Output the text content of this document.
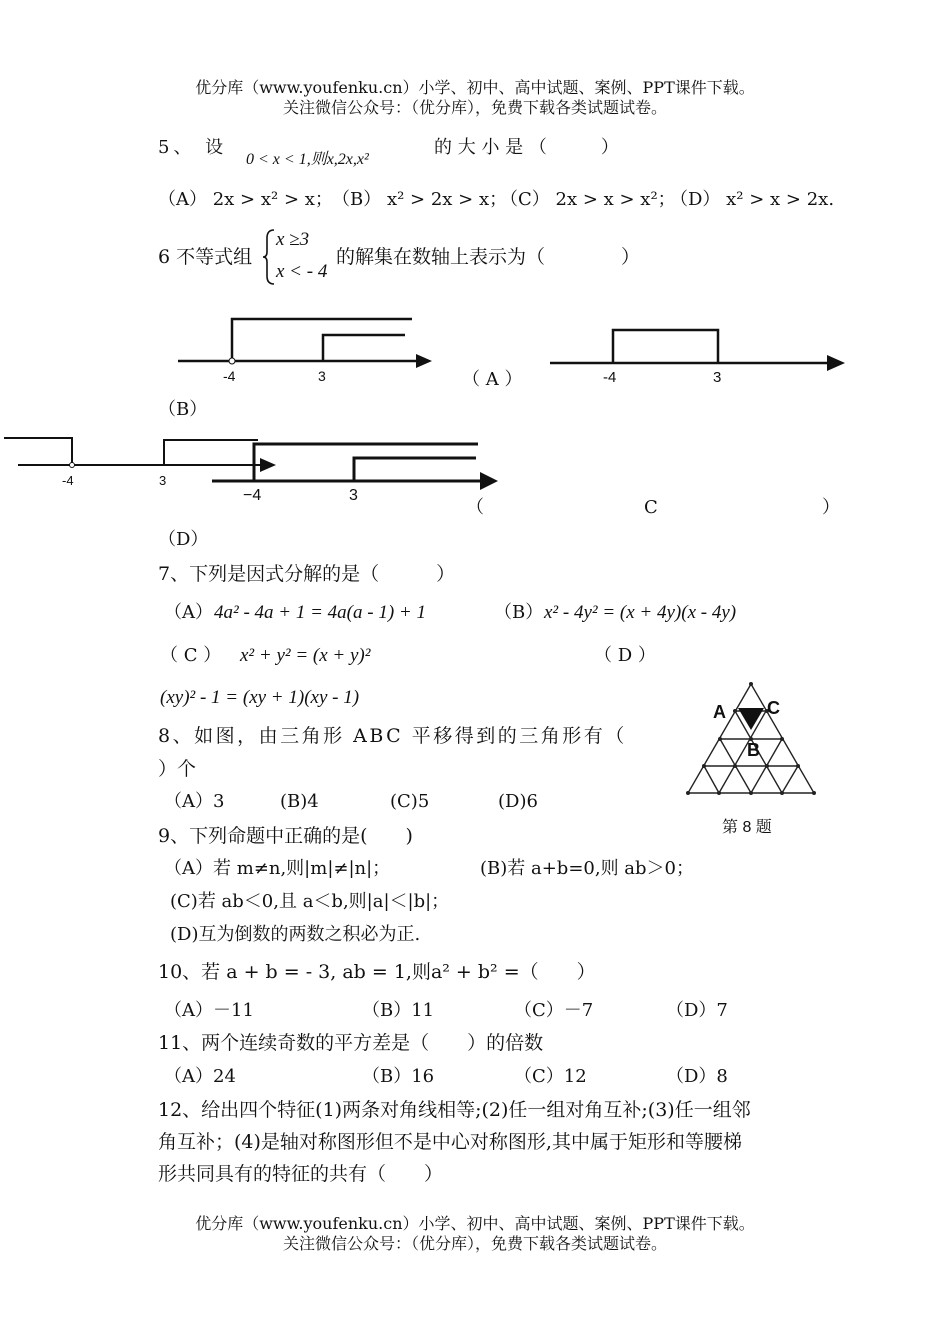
优分库（www.youfenku.cn）小学、初中、高中试题、案例、PPT课件下载。
关注微信公众号：（优分库），免费下载各类试题试卷。
5、 设
0 < x < 1,则x,2x,x²
的 大 小 是 （　　　）
（A） 2x > x² > x； （B） x² > 2x > x；
（C） 2x > x > x²；
（D） x² > x > 2x.
6 不等式组
x ≥3
x < - 4
的解集在数轴上表示为（　　　　）
-4	3	（ A ）	-4	3
（B）
-4	3
−4	3
（	C	）
（D）
7、下列是因式分解的是（　　　）
（A） 4a² - 4a + 1 = 4a(a - 1) + 1	（B） x² - 4y² = (x + 4y)(x - 4y)
（ C ） x² + y² = (x + y)²	（ D ）
(xy)² - 1 = (xy + 1)(xy - 1)
8、如图，由三角形 ABC 平移得到的三角形有（
）个
（A）3	(B)4	(C)5	(D)6
A C
B
第 8 题
9、下列命题中正确的是(　　)
（A）若 m≠n,则|m|≠|n|；	(B)若 a+b=0,则 ab＞0；
(C)若 ab＜0,且 a＜b,则|a|＜|b|；
(D)互为倒数的两数之积必为正.
10、若 a + b = - 3, ab = 1,则a² + b² =（　　）
（A）－11	（B）11	（C）－7	（D）7
11、两个连续奇数的平方差是（　　）的倍数
（A）24	（B）16	（C）12	（D）8
12、给出四个特征(1)两条对角线相等;(2)任一组对角互补;(3)任一组邻
角互补；(4)是轴对称图形但不是中心对称图形,其中属于矩形和等腰梯
形共同具有的特征的共有（　　）
优分库（www.youfenku.cn）小学、初中、高中试题、案例、PPT课件下载。
关注微信公众号：（优分库），免费下载各类试题试卷。
